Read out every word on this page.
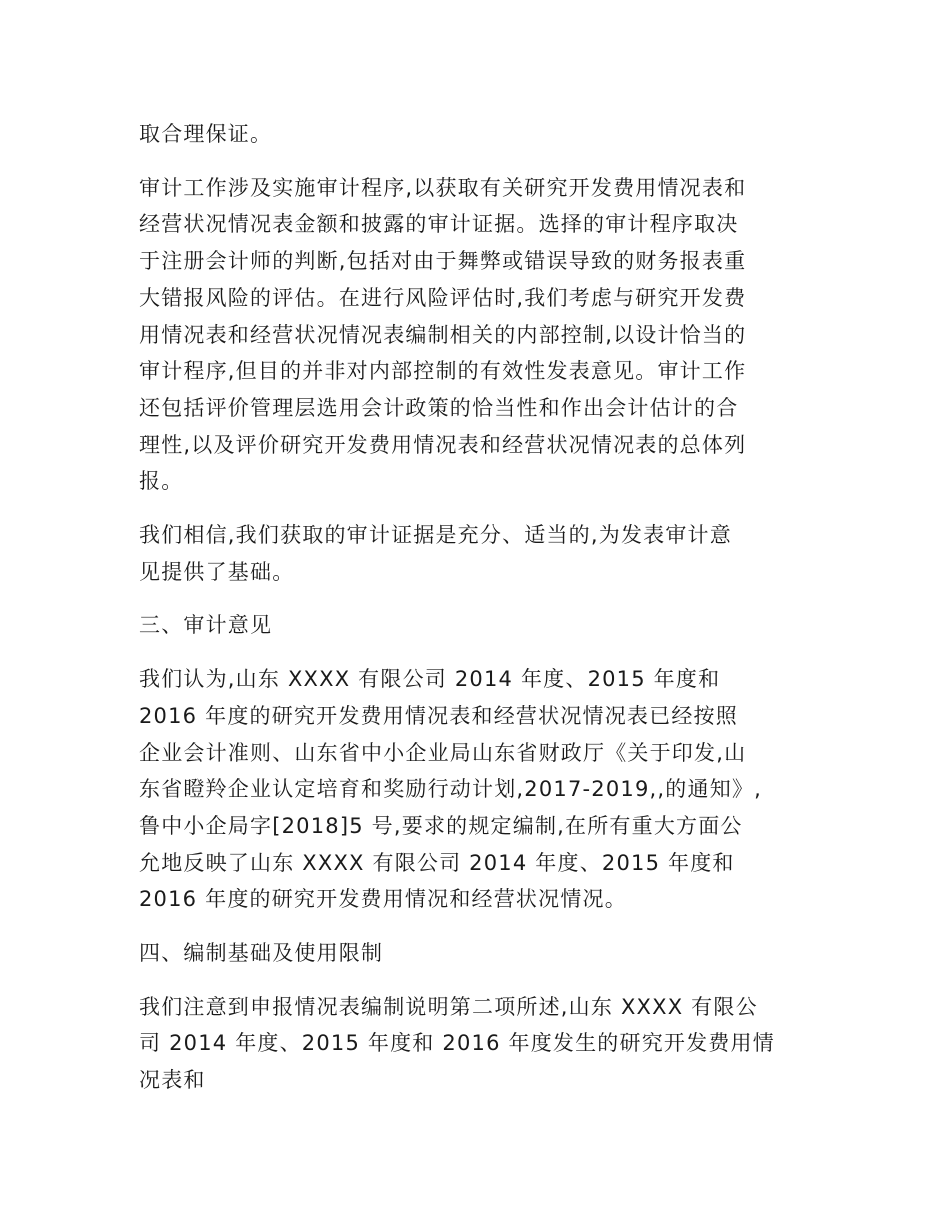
取合理保证。

审计工作涉及实施审计程序,以获取有关研究开发费用情况表和
经营状况情况表金额和披露的审计证据。选择的审计程序取决
于注册会计师的判断,包括对由于舞弊或错误导致的财务报表重
大错报风险的评估。在进行风险评估时,我们考虑与研究开发费
用情况表和经营状况情况表编制相关的内部控制,以设计恰当的
审计程序,但目的并非对内部控制的有效性发表意见。审计工作
还包括评价管理层选用会计政策的恰当性和作出会计估计的合
理性,以及评价研究开发费用情况表和经营状况情况表的总体列
报。

我们相信,我们获取的审计证据是充分、适当的,为发表审计意
见提供了基础。

三、审计意见

我们认为,山东 XXXX 有限公司 2014 年度、2015 年度和
2016 年度的研究开发费用情况表和经营状况情况表已经按照
企业会计准则、山东省中小企业局山东省财政厅《关于印发,山
东省瞪羚企业认定培育和奖励行动计划,2017-2019,,的通知》,
鲁中小企局字[2018]5 号,要求的规定编制,在所有重大方面公
允地反映了山东 XXXX 有限公司 2014 年度、2015 年度和
2016 年度的研究开发费用情况和经营状况情况。

四、编制基础及使用限制

我们注意到申报情况表编制说明第二项所述,山东 XXXX 有限公
司 2014 年度、2015 年度和 2016 年度发生的研究开发费用情
况表和
